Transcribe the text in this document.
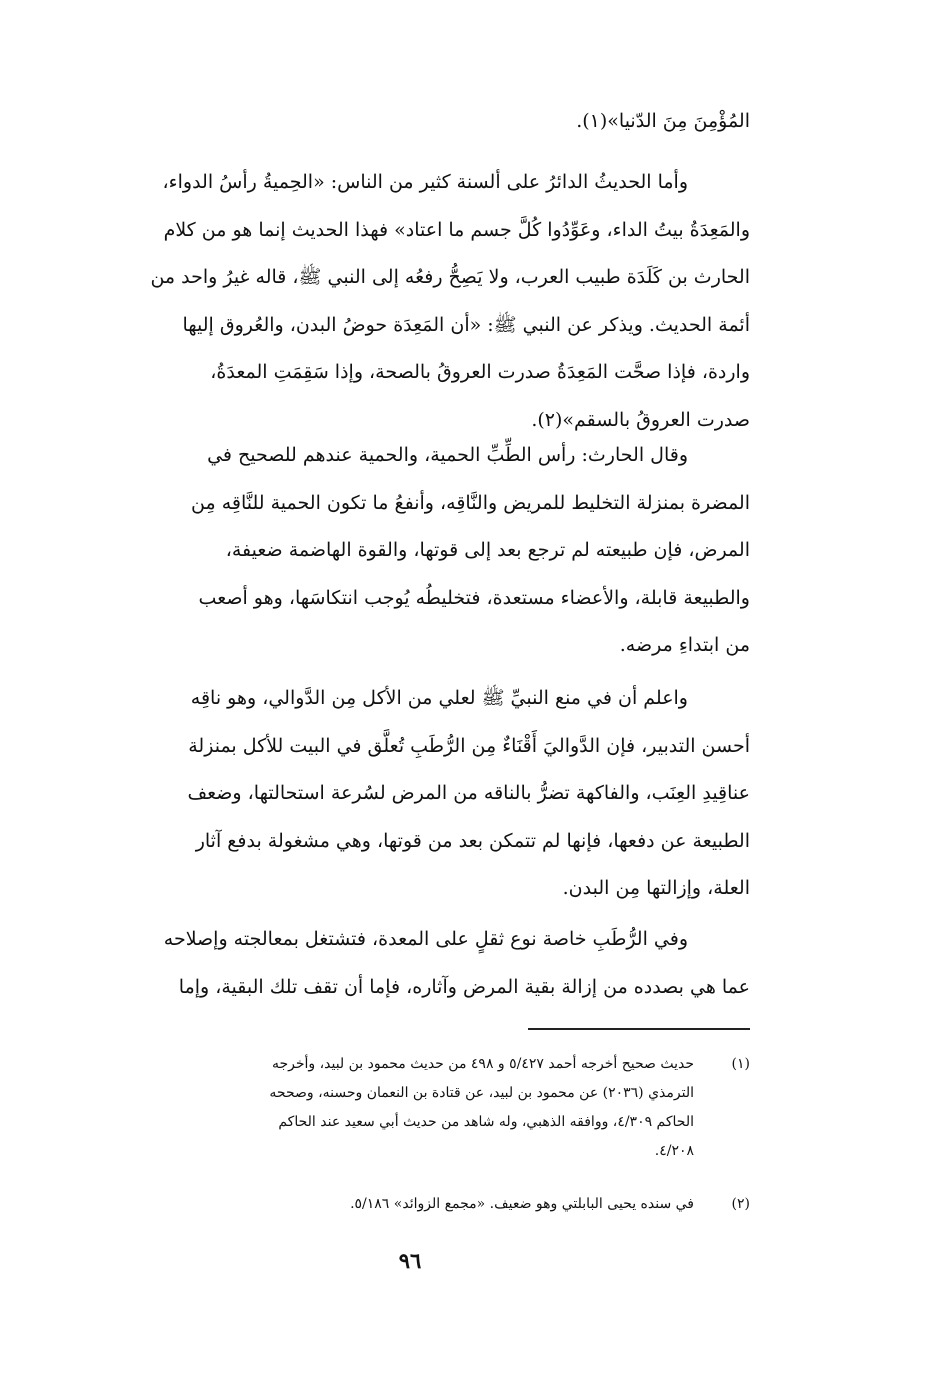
المُؤْمِنَ مِنَ الدّنيا»(١).
وأما الحديثُ الدائرُ على ألسنة كثير من الناس: «الحِميةُ رأسُ الدواء،
والمَعِدَةُ بيتُ الداء، وعَوِّدُوا كُلَّ جسم ما اعتاد» فهذا الحديث إنما هو من كلام
الحارث بن كَلَدَة طبيب العرب، ولا يَصِحُّ رفعُه إلى النبي ﷺ، قاله غيرُ واحد من
أئمة الحديث. ويذكر عن النبي ﷺ: «أن المَعِدَة حوضُ البدن، والعُروق إليها
واردة، فإذا صحَّت المَعِدَةُ صدرت العروقُ بالصحة، وإذا سَقِمَتِ المعدَةُ،
صدرت العروقُ بالسقم»(٢).
وقال الحارث: رأس الطِّبِّ الحمية، والحمية عندهم للصحيح في
المضرة بمنزلة التخليط للمريض والنَّاقِه، وأنفعُ ما تكون الحمية للنَّاقِه مِن
المرض، فإن طبيعته لم ترجع بعد إلى قوتها، والقوة الهاضمة ضعيفة،
والطبيعة قابلة، والأعضاء مستعدة، فتخليطُه يُوجب انتكاسَها، وهو أصعب
من ابتداءِ مرضه.
واعلم أن في منع النبيِّ ﷺ لعلي من الأكل مِن الدَّوالي، وهو ناقِه
أحسن التدبير، فإن الدَّواليَ أَقْنَاءٌ مِن الرُّطَبِ تُعلَّق في البيت للأكل بمنزلة
عناقِيدِ العِنَب، والفاكهة تضرُّ بالناقه من المرض لسُرعة استحالتها، وضعف
الطبيعة عن دفعها، فإنها لم تتمكن بعد من قوتها، وهي مشغولة بدفع آثار
العلة، وإزالتها مِن البدن.
وفي الرُّطَبِ خاصة نوع ثقلٍ على المعدة، فتشتغل بمعالجته وإصلاحه
عما هي بصدده من إزالة بقية المرض وآثاره، فإما أن تقف تلك البقية، وإما
(١)
حديث صحيح أخرجه أحمد ٥/٤٢٧ و ٤٩٨ من حديث محمود بن لبيد، وأخرجه
الترمذي (٢٠٣٦) عن محمود بن لبيد، عن قتادة بن النعمان وحسنه، وصححه
الحاكم ٤/٣٠٩، ووافقه الذهبي، وله شاهد من حديث أبي سعيد عند الحاكم
٤/٢٠٨.
(٢)
في سنده يحيى البابلتي وهو ضعيف. «مجمع الزوائد» ٥/١٨٦.
٩٦
